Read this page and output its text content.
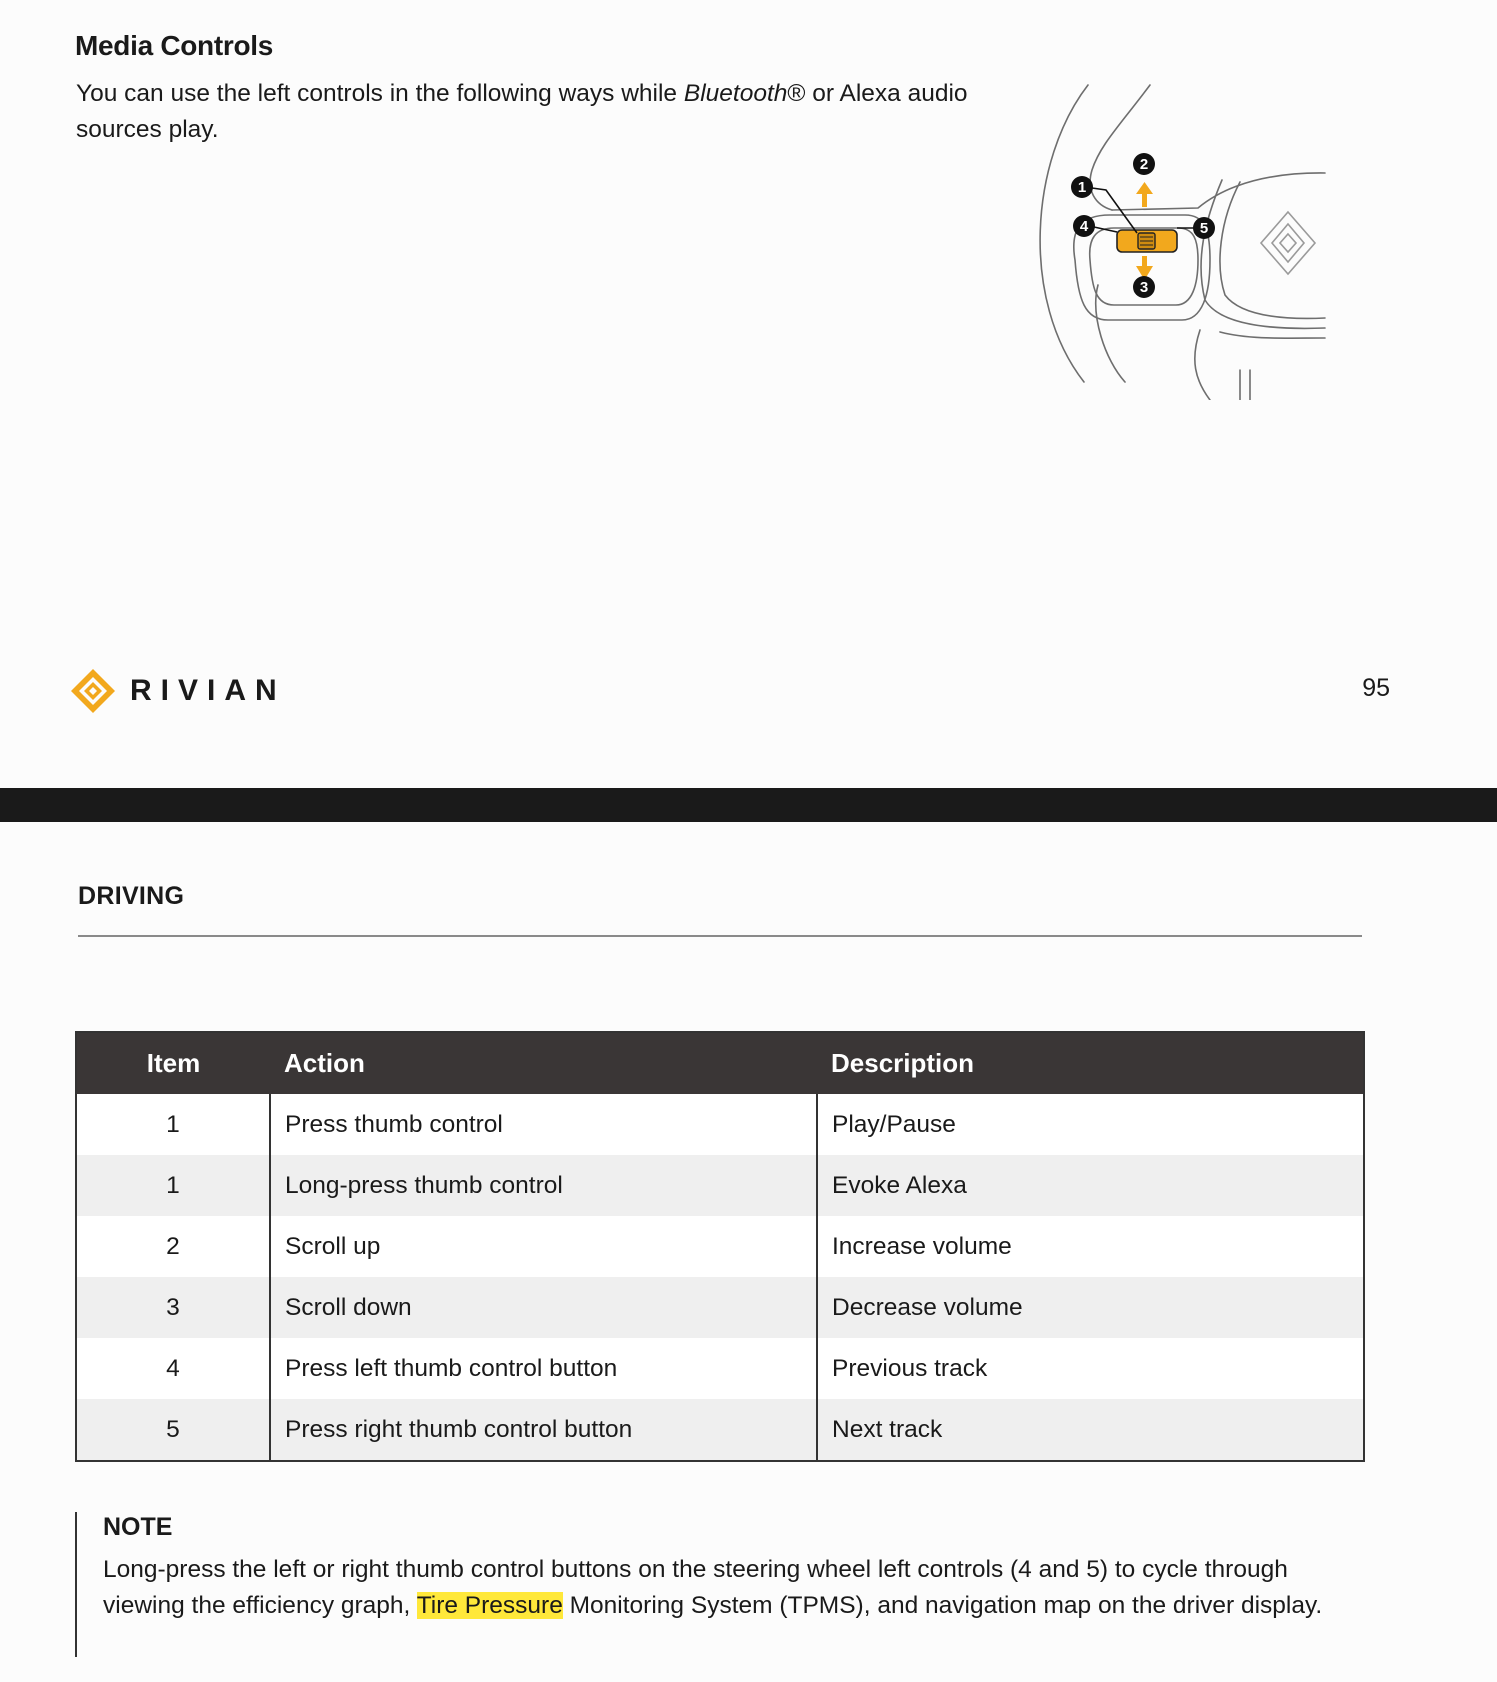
Media Controls

You can use the left controls in the following ways while Bluetooth® or Alexa audio sources play.

1
2
3
4	5
RIVIAN	95
DRIVING
Item	Action	Description
1	Press thumb control	Play/Pause
1	Long-press thumb control	Evoke Alexa
2	Scroll up	Increase volume
3	Scroll down	Decrease volume
4	Press left thumb control button	Previous track
5	Press right thumb control button	Next track
NOTE

Long-press the left or right thumb control buttons on the steering wheel left controls (4 and 5) to cycle through viewing the efficiency graph, Tire Pressure Monitoring System (TPMS), and navigation map on the driver display.
